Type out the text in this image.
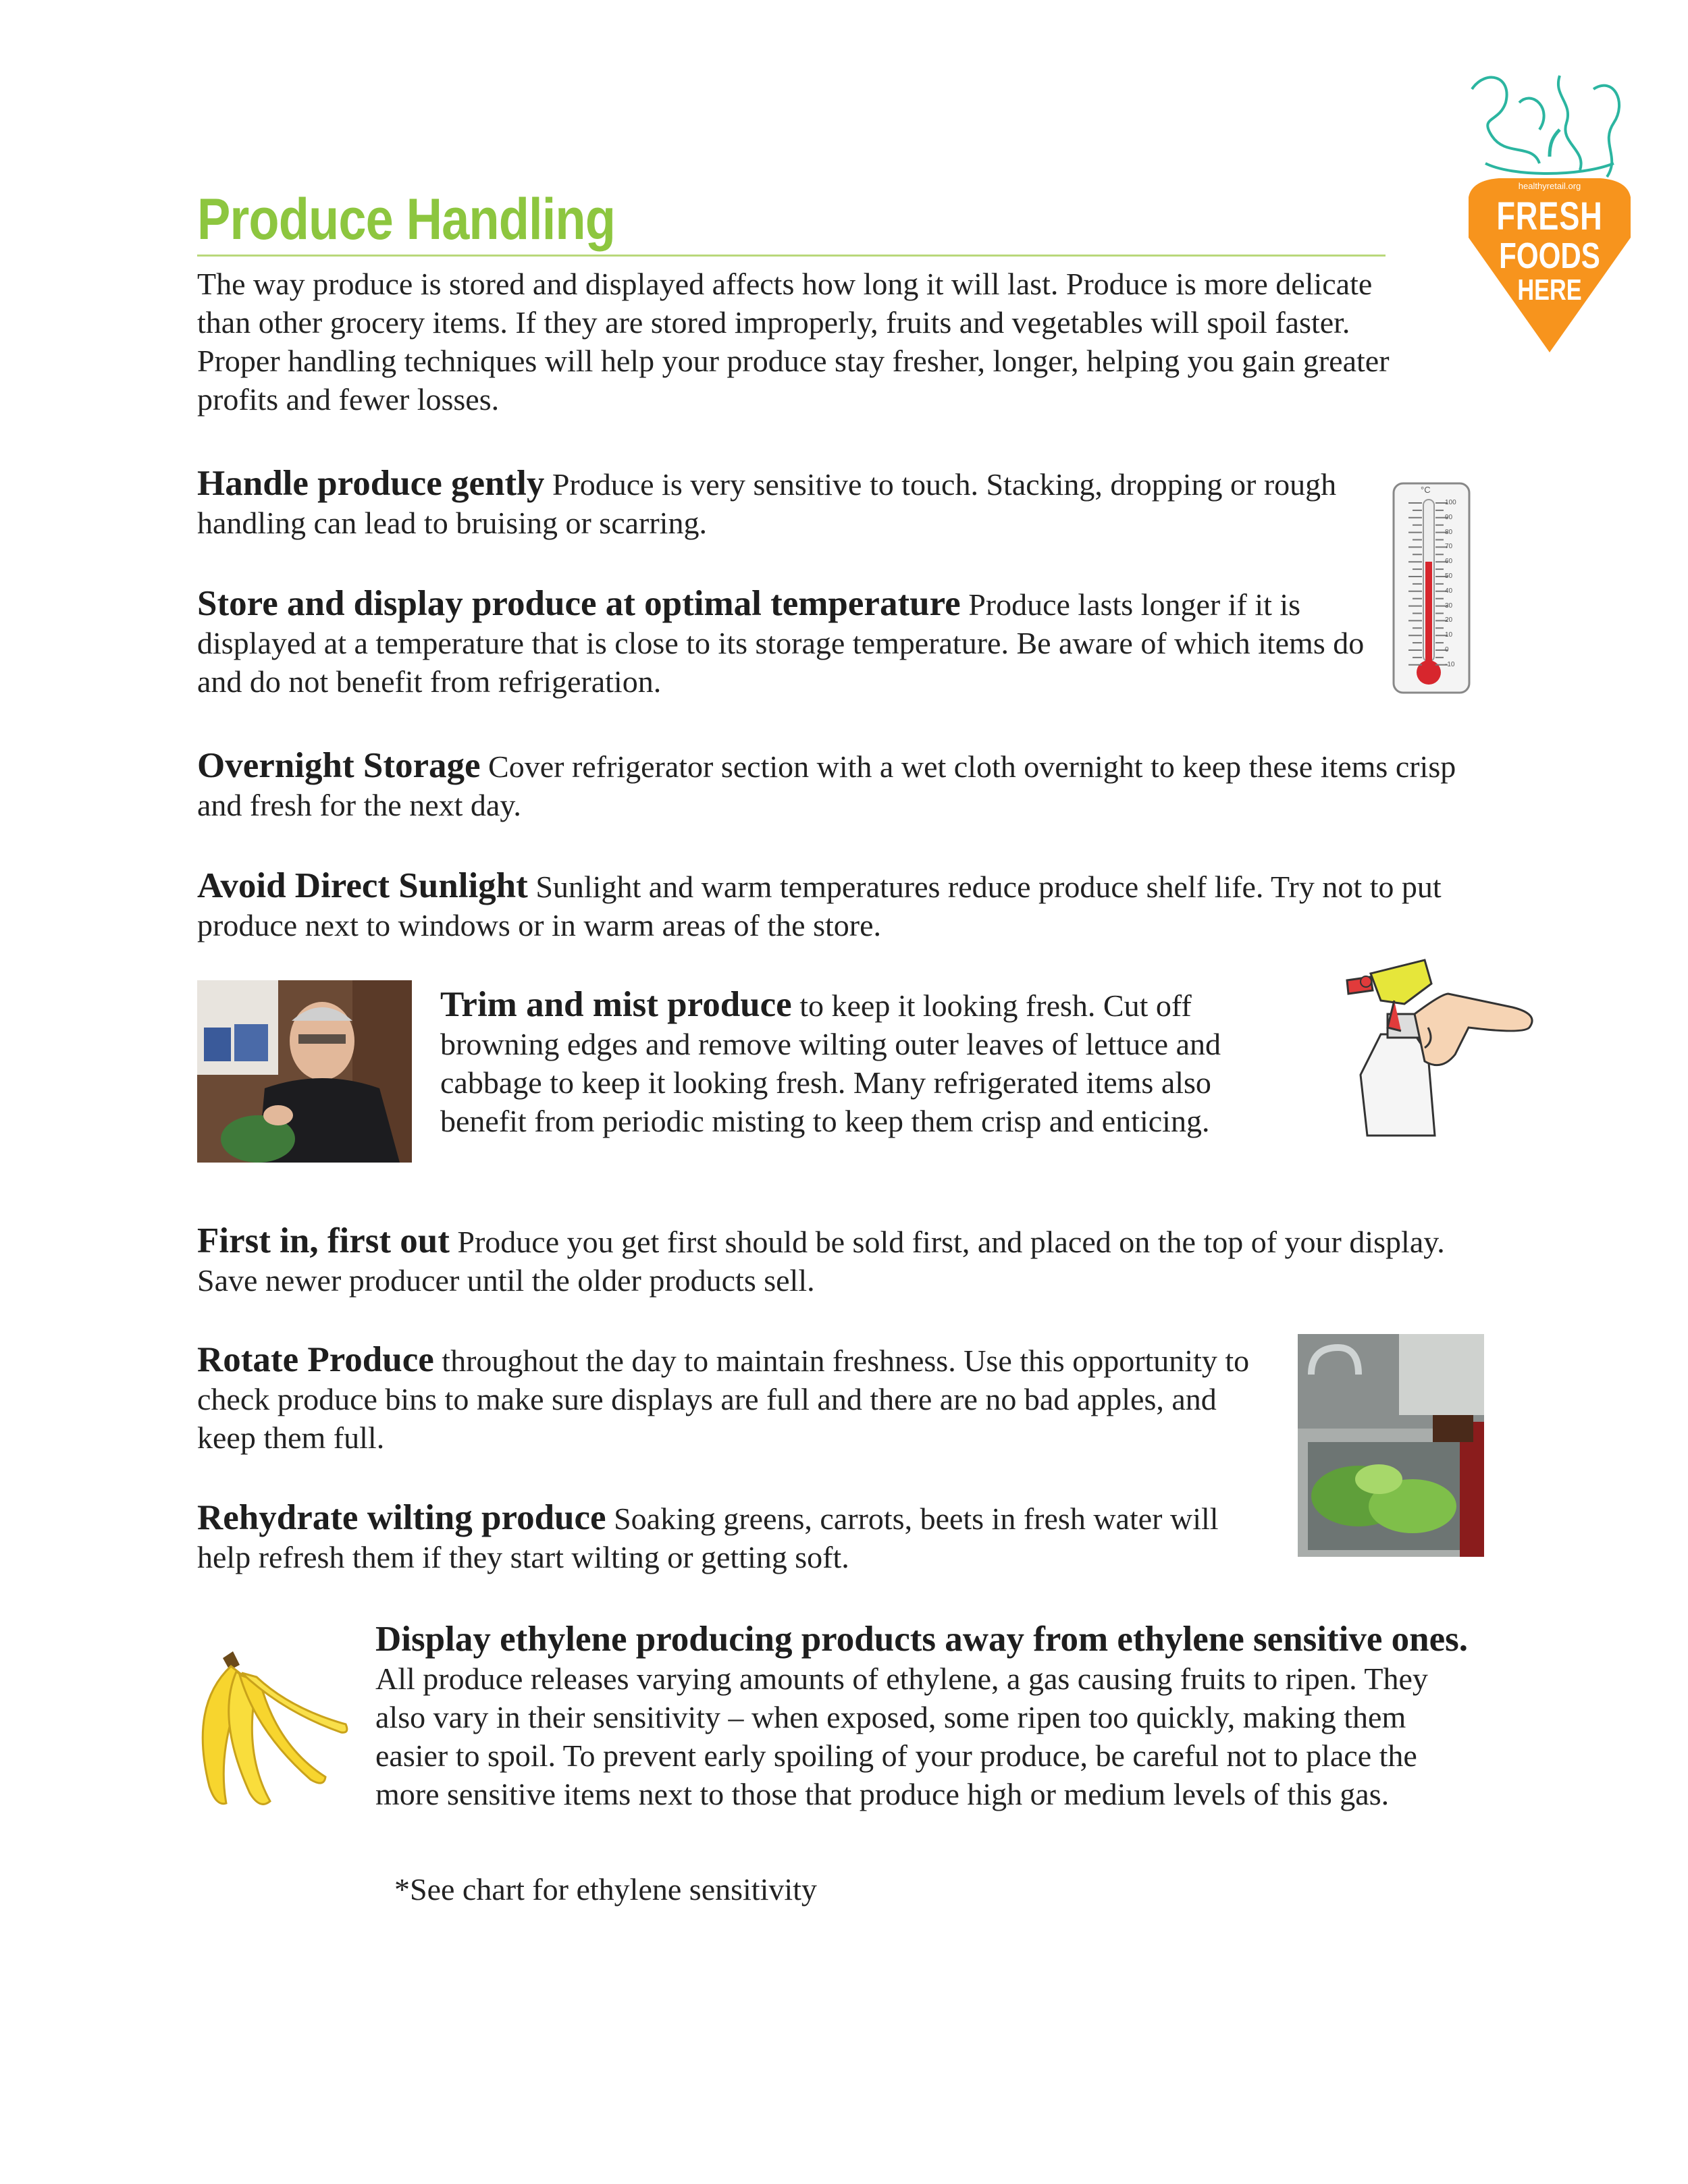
healthyretail.org
FRESH
FOODS
HERE
Produce Handling
The way produce is stored and displayed affects how long it will last. Produce is more delicate than other grocery items. If they are stored improperly, fruits and vegetables will spoil faster. Proper handling techniques will help your produce stay fresher, longer, helping you gain greater profits and fewer losses.
Handle produce gently Produce is very sensitive to touch. Stacking, dropping or rough handling can lead to bruising or scarring.
°C
100
90
80
70
60
50
40
30
20
10
0
-10
Store and display produce at optimal temperature Produce lasts longer if it is displayed at a temperature that is close to its storage temperature. Be aware of which items do and do not benefit from refrigeration.
Overnight Storage Cover refrigerator section with a wet cloth overnight to keep these items crisp and fresh for the next day.
Avoid Direct Sunlight Sunlight and warm temperatures reduce produce shelf life. Try not to put produce next to windows or in warm areas of the store.
Trim and mist produce to keep it looking fresh. Cut off browning edges and remove wilting outer leaves of lettuce and cabbage to keep it looking fresh. Many refrigerated items also benefit from periodic misting to keep them crisp and enticing.
First in, first out Produce you get first should be sold first, and placed on the top of your display. Save newer producer until the older products sell.
Rotate Produce throughout the day to maintain freshness. Use this opportunity to check produce bins to make sure displays are full and there are no bad apples, and keep them full.
Rehydrate wilting produce Soaking greens, carrots, beets in fresh water will help refresh them if they start wilting or getting soft.
Display ethylene producing products away from ethylene sensitive ones. All produce releases varying amounts of ethylene, a gas causing fruits to ripen. They also vary in their sensitivity – when exposed, some ripen too quickly, making them easier to spoil. To prevent early spoiling of your produce, be careful not to place the more sensitive items next to those that produce high or medium levels of this gas.
*See chart for ethylene sensitivity
